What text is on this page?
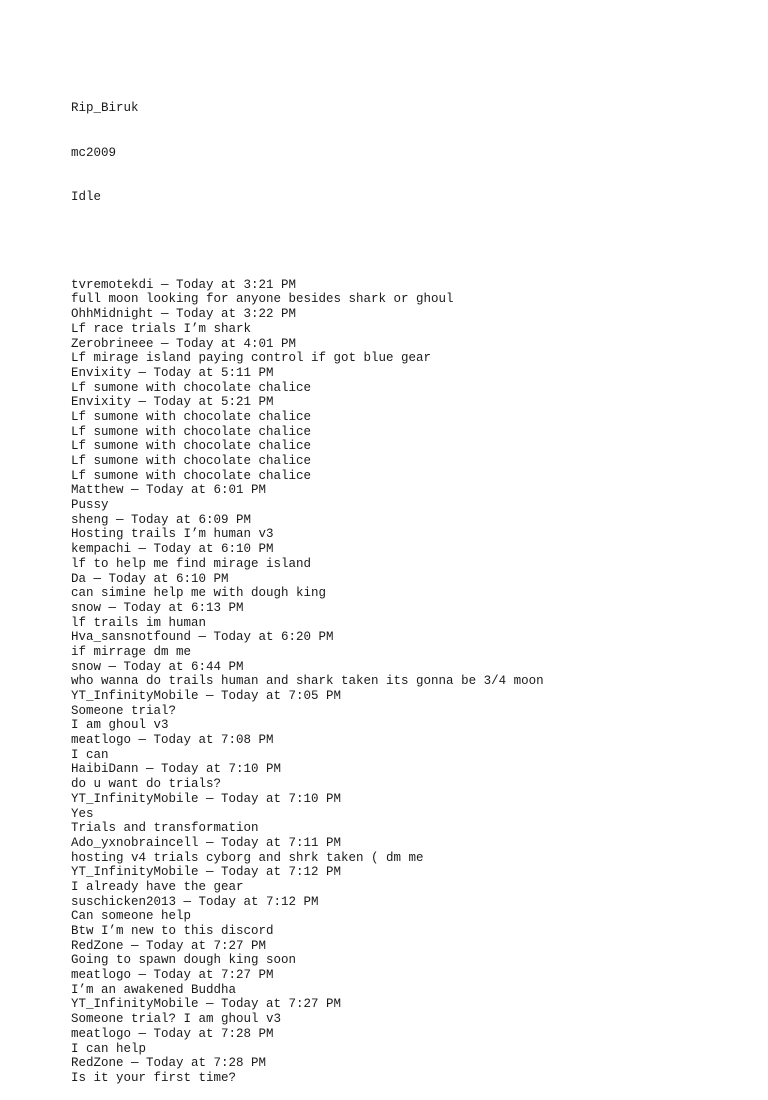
Rip_Biruk

mc2009

Idle

tvremotekdi — Today at 3:21 PM
full moon looking for anyone besides shark or ghoul
OhhMidnight — Today at 3:22 PM
Lf race trials I’m shark
Zerobrineee — Today at 4:01 PM
Lf mirage island paying control if got blue gear
Envixity — Today at 5:11 PM
Lf sumone with chocolate chalice
Envixity — Today at 5:21 PM
Lf sumone with chocolate chalice
Lf sumone with chocolate chalice
Lf sumone with chocolate chalice
Lf sumone with chocolate chalice
Lf sumone with chocolate chalice
Matthew — Today at 6:01 PM
Pussy
sheng — Today at 6:09 PM
Hosting trails I’m human v3
kempachi — Today at 6:10 PM
lf to help me find mirage island
Da — Today at 6:10 PM
can simine help me with dough king
snow — Today at 6:13 PM
lf trails im human
Hva_sansnotfound — Today at 6:20 PM
if mirrage dm me
snow — Today at 6:44 PM
who wanna do trails human and shark taken its gonna be 3/4 moon
YT_InfinityMobile — Today at 7:05 PM
Someone trial?
I am ghoul v3
meatlogo — Today at 7:08 PM
I can
HaibiDann — Today at 7:10 PM
do u want do trials?
YT_InfinityMobile — Today at 7:10 PM
Yes
Trials and transformation
Ado_yxnobraincell — Today at 7:11 PM
hosting v4 trials cyborg and shrk taken ( dm me
YT_InfinityMobile — Today at 7:12 PM
I already have the gear
suschicken2013 — Today at 7:12 PM
Can someone help
Btw I’m new to this discord
RedZone — Today at 7:27 PM
Going to spawn dough king soon
meatlogo — Today at 7:27 PM
I’m an awakened Buddha
YT_InfinityMobile — Today at 7:27 PM
Someone trial? I am ghoul v3
meatlogo — Today at 7:28 PM
I can help
RedZone — Today at 7:28 PM
Is it your first time?
